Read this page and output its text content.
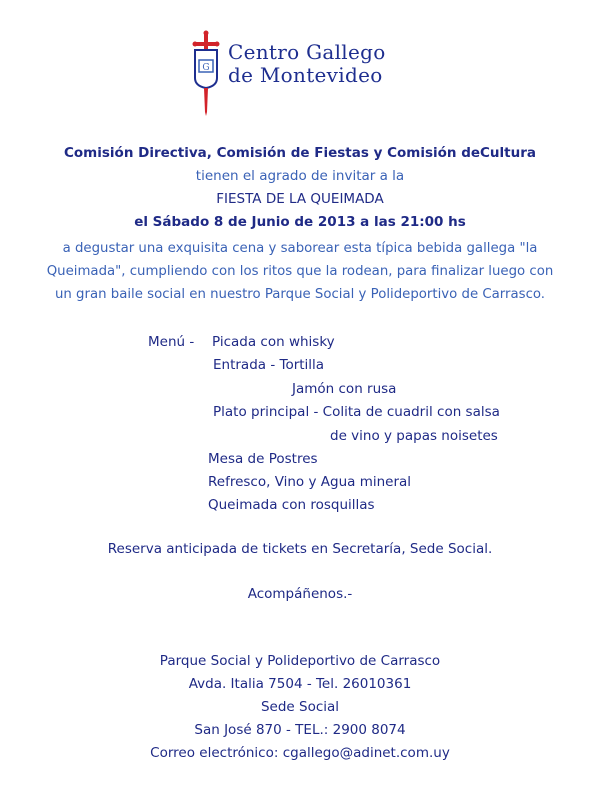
G
Centro Gallego
de Montevideo
Comisión Directiva, Comisión de Fiestas y Comisión deCultura
tienen el agrado de invitar a la
FIESTA DE LA QUEIMADA
el Sábado 8 de Junio de 2013 a las 21:00 hs
a degustar una exquisita cena y saborear esta típica bebida gallega "la
Queimada", cumpliendo con los ritos que la rodean, para finalizar luego con
un gran baile social en nuestro Parque Social y Polideportivo de Carrasco.
Menú - Picada con whisky
Entrada - Tortilla
Jamón con rusa
Plato principal - Colita de cuadril con salsa
de vino y papas noisetes
Mesa de Postres
Refresco, Vino y Agua mineral
Queimada con rosquillas
Reserva anticipada de tickets en Secretaría, Sede Social.
Acompáñenos.-
Parque Social y Polideportivo de Carrasco
Avda. Italia 7504 - Tel. 26010361
Sede Social
San José 870 - TEL.: 2900 8074
Correo electrónico: cgallego@adinet.com.uy
